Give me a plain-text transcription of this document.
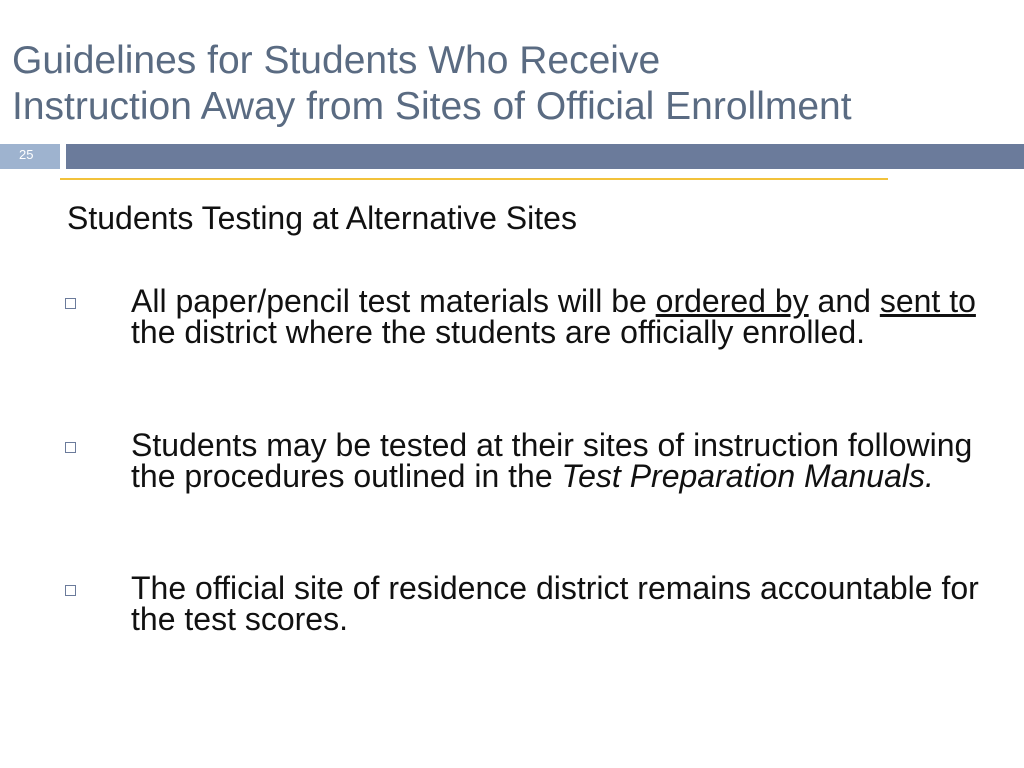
Guidelines for Students Who Receive
Instruction Away from Sites of Official Enrollment
25
Students Testing at Alternative Sites
All paper/pencil test materials will be ordered by and sent to the district where the students are officially enrolled.
Students may be tested at their sites of instruction following the procedures outlined in the Test Preparation Manuals.
The official site of residence district remains accountable for the test scores.
